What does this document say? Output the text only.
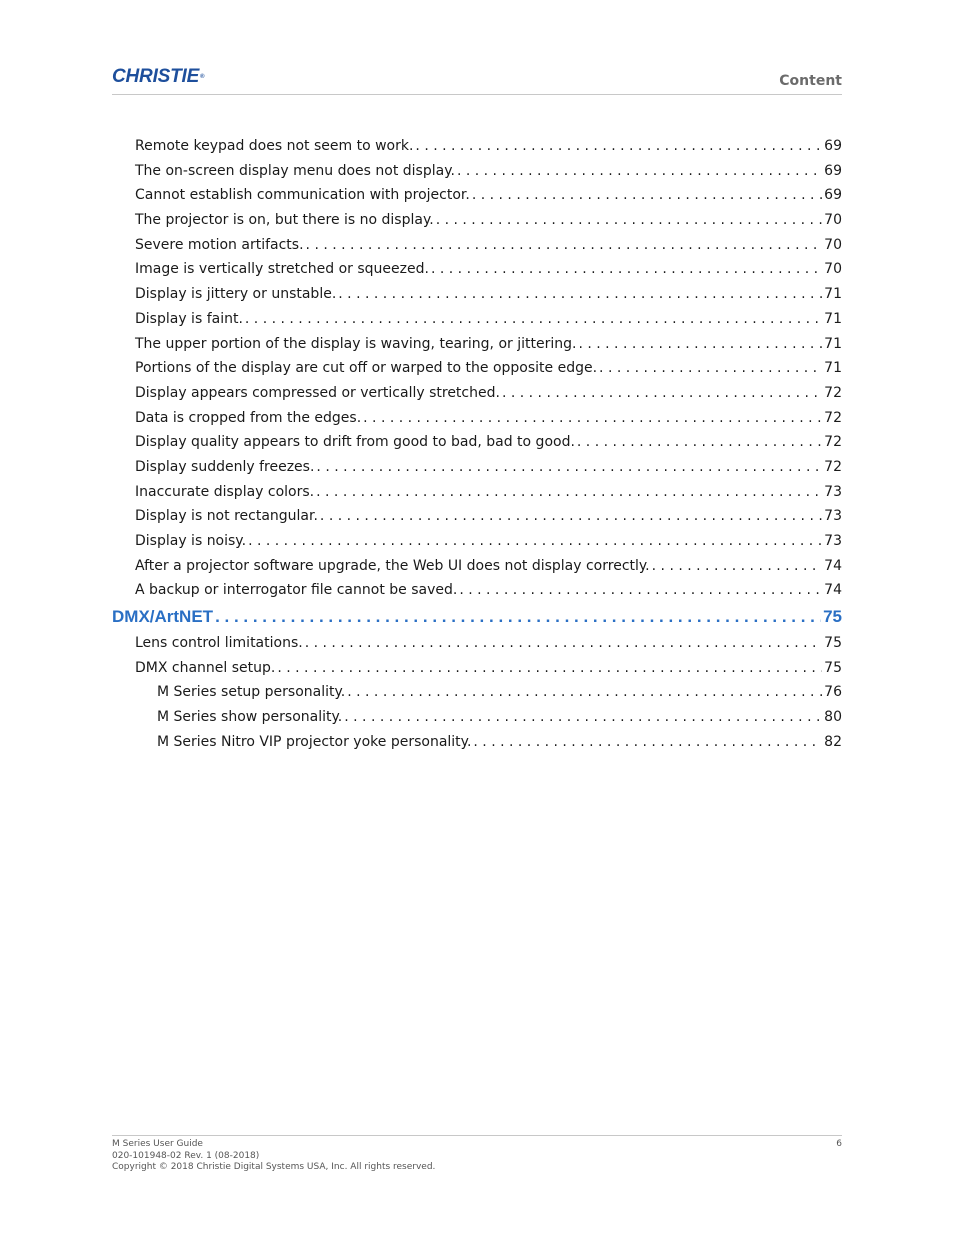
CHRISTIE®	Content
Remote keypad does not seem to work. . . .	69
The on-screen display menu does not display. . . .	69
Cannot establish communication with projector. . . .	69
The projector is on, but there is no display. . . .	70
Severe motion artifacts. . . .	70
Image is vertically stretched or squeezed. . . .	70
Display is jittery or unstable. . . .	71
Display is faint. . . .	71
The upper portion of the display is waving, tearing, or jittering. . . .	71
Portions of the display are cut off or warped to the opposite edge. . . .	71
Display appears compressed or vertically stretched. . . .	72
Data is cropped from the edges. . . .	72
Display quality appears to drift from good to bad, bad to good. . . .	72
Display suddenly freezes. . . .	72
Inaccurate display colors. . . .	73
Display is not rectangular. . . .	73
Display is noisy. . . .	73
After a projector software upgrade, the Web UI does not display correctly. . . .	74
A backup or interrogator file cannot be saved. . . .	74
DMX/ArtNET . . .	75
Lens control limitations. . . .	75
DMX channel setup. . . .	75
M Series setup personality. . . .	76
M Series show personality. . . .	80
M Series Nitro VIP projector yoke personality. . . .	82
M Series User Guide
020-101948-02 Rev. 1 (08-2018)
Copyright © 2018 Christie Digital Systems USA, Inc. All rights reserved.
6
